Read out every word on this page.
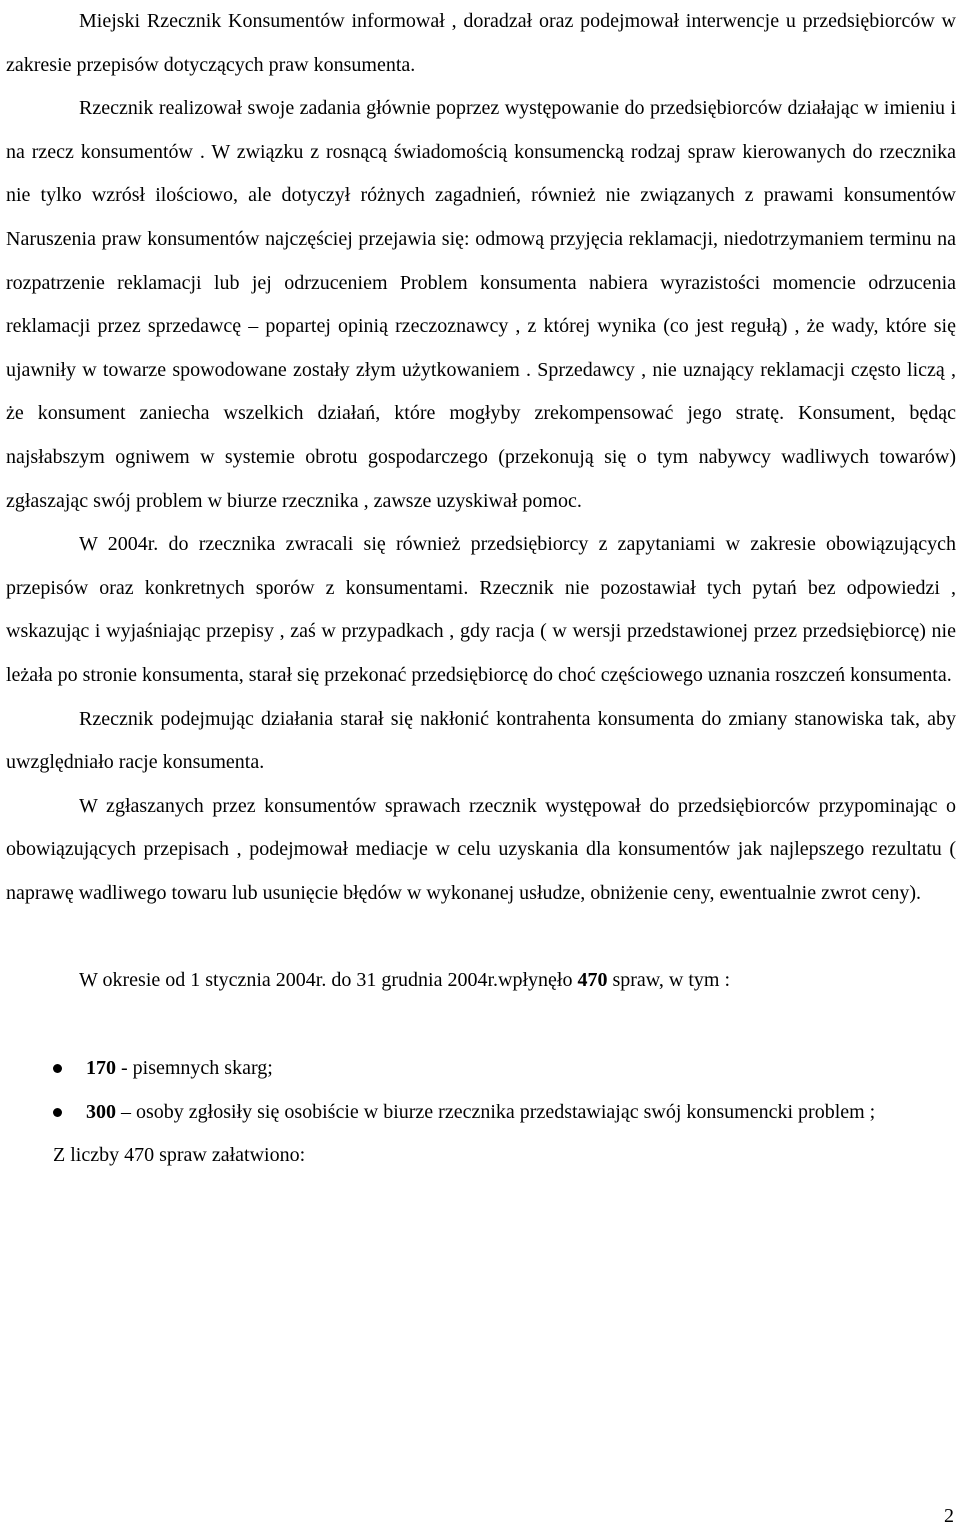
Miejski Rzecznik Konsumentów informował , doradzał oraz podejmował interwencje u przedsiębiorców w zakresie przepisów dotyczących praw konsumenta.

Rzecznik realizował swoje zadania głównie poprzez występowanie do przedsiębiorców działając w imieniu i na rzecz konsumentów . W związku z rosnącą świadomością konsumencką rodzaj spraw kierowanych do rzecznika nie tylko wzrósł ilościowo, ale dotyczył różnych zagadnień, również nie związanych z prawami konsumentów Naruszenia praw konsumentów najczęściej przejawia się: odmową przyjęcia reklamacji, niedotrzymaniem terminu na rozpatrzenie reklamacji lub jej odrzuceniem Problem konsumenta nabiera wyrazistości momencie odrzucenia reklamacji przez sprzedawcę – popartej opinią rzeczoznawcy , z której wynika (co jest regułą) , że wady, które się ujawniły w towarze spowodowane zostały złym użytkowaniem . Sprzedawcy , nie uznający reklamacji często liczą , że konsument zaniecha wszelkich działań, które mogłyby zrekompensować jego stratę. Konsument, będąc najsłabszym ogniwem w systemie obrotu gospodarczego (przekonują się o tym nabywcy wadliwych towarów) zgłaszając swój problem w biurze rzecznika , zawsze uzyskiwał pomoc.

W 2004r. do rzecznika zwracali się również przedsiębiorcy z zapytaniami w zakresie obowiązujących przepisów oraz konkretnych sporów z konsumentami. Rzecznik nie pozostawiał tych pytań bez odpowiedzi , wskazując i wyjaśniając przepisy , zaś w przypadkach , gdy racja ( w wersji przedstawionej przez przedsiębiorcę) nie leżała po stronie konsumenta, starał się przekonać przedsiębiorcę do choć częściowego uznania roszczeń konsumenta.

Rzecznik podejmując działania starał się nakłonić kontrahenta konsumenta do zmiany stanowiska tak, aby uwzględniało racje konsumenta.

W zgłaszanych przez konsumentów sprawach rzecznik występował do przedsiębiorców przypominając o obowiązujących przepisach , podejmował mediacje w celu uzyskania dla konsumentów jak najlepszego rezultatu ( naprawę wadliwego towaru lub usunięcie błędów w wykonanej usłudze, obniżenie ceny, ewentualnie zwrot ceny).

W okresie od 1 stycznia 2004r. do 31 grudnia 2004r.wpłynęło 470 spraw, w tym :

170 - pisemnych skarg;
300 – osoby zgłosiły się osobiście w biurze rzecznika przedstawiając swój konsumencki problem ;

Z liczby 470 spraw załatwiono:

2
